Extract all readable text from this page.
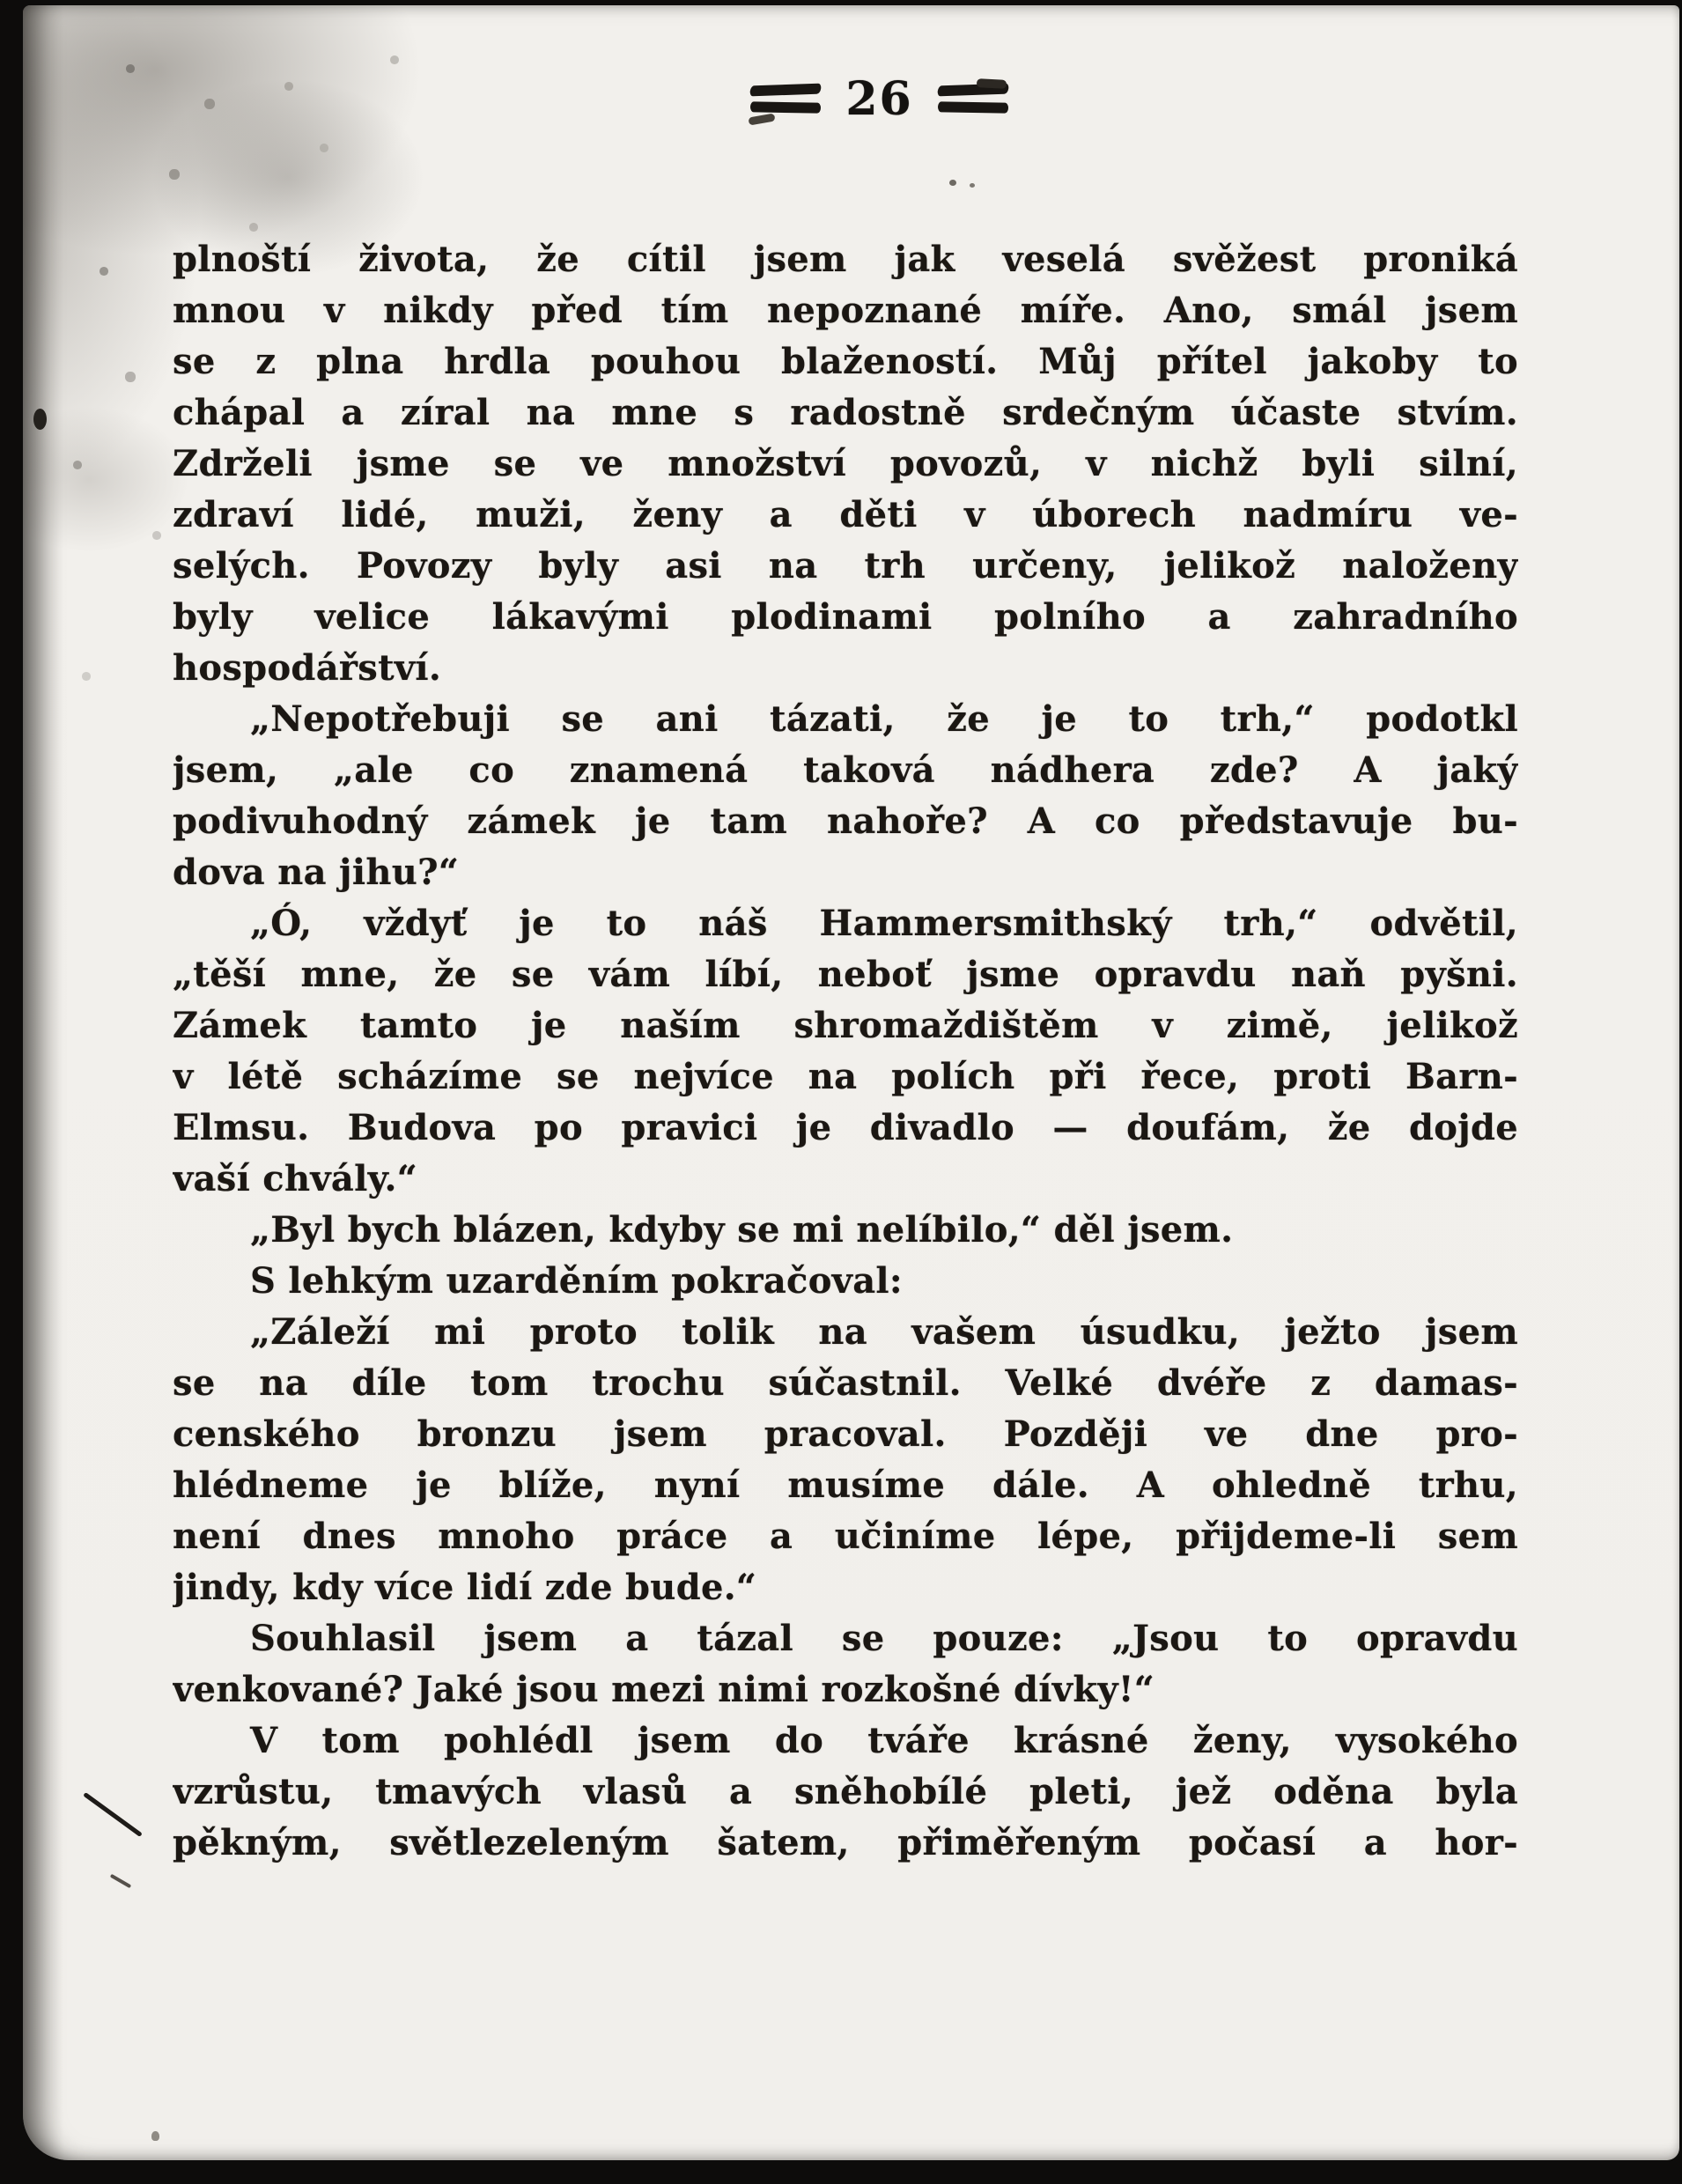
26
plnoští života, že cítil jsem jak veselá svěžest proniká
mnou v nikdy před tím nepoznané míře. Ano, smál jsem
se z plna hrdla pouhou blažeností. Můj přítel jakoby to
chápal a zíral na mne s radostně srdečným účaste stvím.
Zdrželi jsme se ve množství povozů, v nichž byli silní,
zdraví lidé, muži, ženy a děti v úborech nadmíru ve-
selých. Povozy byly asi na trh určeny, jelikož naloženy
byly velice lákavými plodinami polního a zahradního
hospodářství.
„Nepotřebuji se ani tázati, že je to trh,“ podotkl
jsem, „ale co znamená taková nádhera zde? A jaký
podivuhodný zámek je tam nahoře? A co představuje bu-
dova na jihu?“
„Ó, vždyť je to náš Hammersmithský trh,“ odvětil,
„těší mne, že se vám líbí, neboť jsme opravdu naň pyšni.
Zámek tamto je naším shromaždištěm v zimě, jelikož
v létě scházíme se nejvíce na polích při řece, proti Barn-
Elmsu. Budova po pravici je divadlo — doufám, že dojde
vaší chvály.“
„Byl bych blázen, kdyby se mi nelíbilo,“ děl jsem.
S lehkým uzarděním pokračoval:
„Záleží mi proto tolik na vašem úsudku, ježto jsem
se na díle tom trochu súčastnil. Velké dvéře z damas-
cenského bronzu jsem pracoval. Později ve dne pro-
hlédneme je blíže, nyní musíme dále. A ohledně trhu,
není dnes mnoho práce a učiníme lépe, přijdeme-li sem
jindy, kdy více lidí zde bude.“
Souhlasil jsem a tázal se pouze: „Jsou to opravdu
venkované? Jaké jsou mezi nimi rozkošné dívky!“
V tom pohlédl jsem do tváře krásné ženy, vysokého
vzrůstu, tmavých vlasů a sněhobílé pleti, jež oděna byla
pěkným, světlezeleným šatem, přiměřeným počasí a hor-
